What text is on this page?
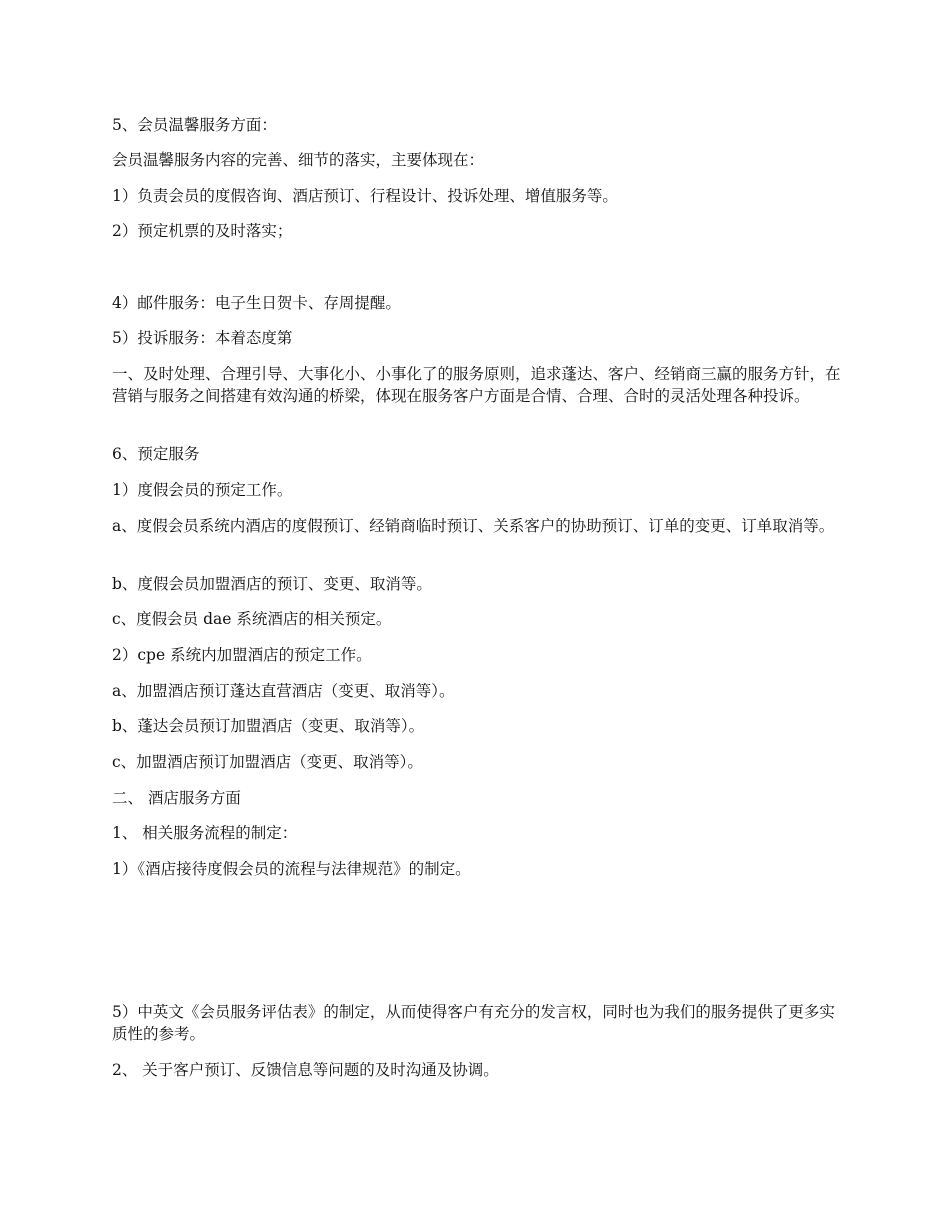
5、会员温馨服务方面：

会员温馨服务内容的完善、细节的落实，主要体现在：

1）负责会员的度假咨询、酒店预订、行程设计、投诉处理、增值服务等。

2）预定机票的及时落实；

4）邮件服务：电子生日贺卡、存周提醒。

5）投诉服务：本着态度第

一、及时处理、合理引导、大事化小、小事化了的服务原则，追求蓬达、客户、经销商三赢的服务方针，在营销与服务之间搭建有效沟通的桥梁，体现在服务客户方面是合情、合理、合时的灵活处理各种投诉。

6、预定服务

1）度假会员的预定工作。

a、度假会员系统内酒店的度假预订、经销商临时预订、关系客户的协助预订、订单的变更、订单取消等。

b、度假会员加盟酒店的预订、变更、取消等。

c、度假会员 dae 系统酒店的相关预定。

2）cpe 系统内加盟酒店的预定工作。

a、加盟酒店预订蓬达直营酒店（变更、取消等）。

b、蓬达会员预订加盟酒店（变更、取消等）。

c、加盟酒店预订加盟酒店（变更、取消等）。

二、 酒店服务方面

1、 相关服务流程的制定：

1）《酒店接待度假会员的流程与法律规范》的制定。

5）中英文《会员服务评估表》的制定，从而使得客户有充分的发言权，同时也为我们的服务提供了更多实质性的参考。

2、 关于客户预订、反馈信息等问题的及时沟通及协调。
